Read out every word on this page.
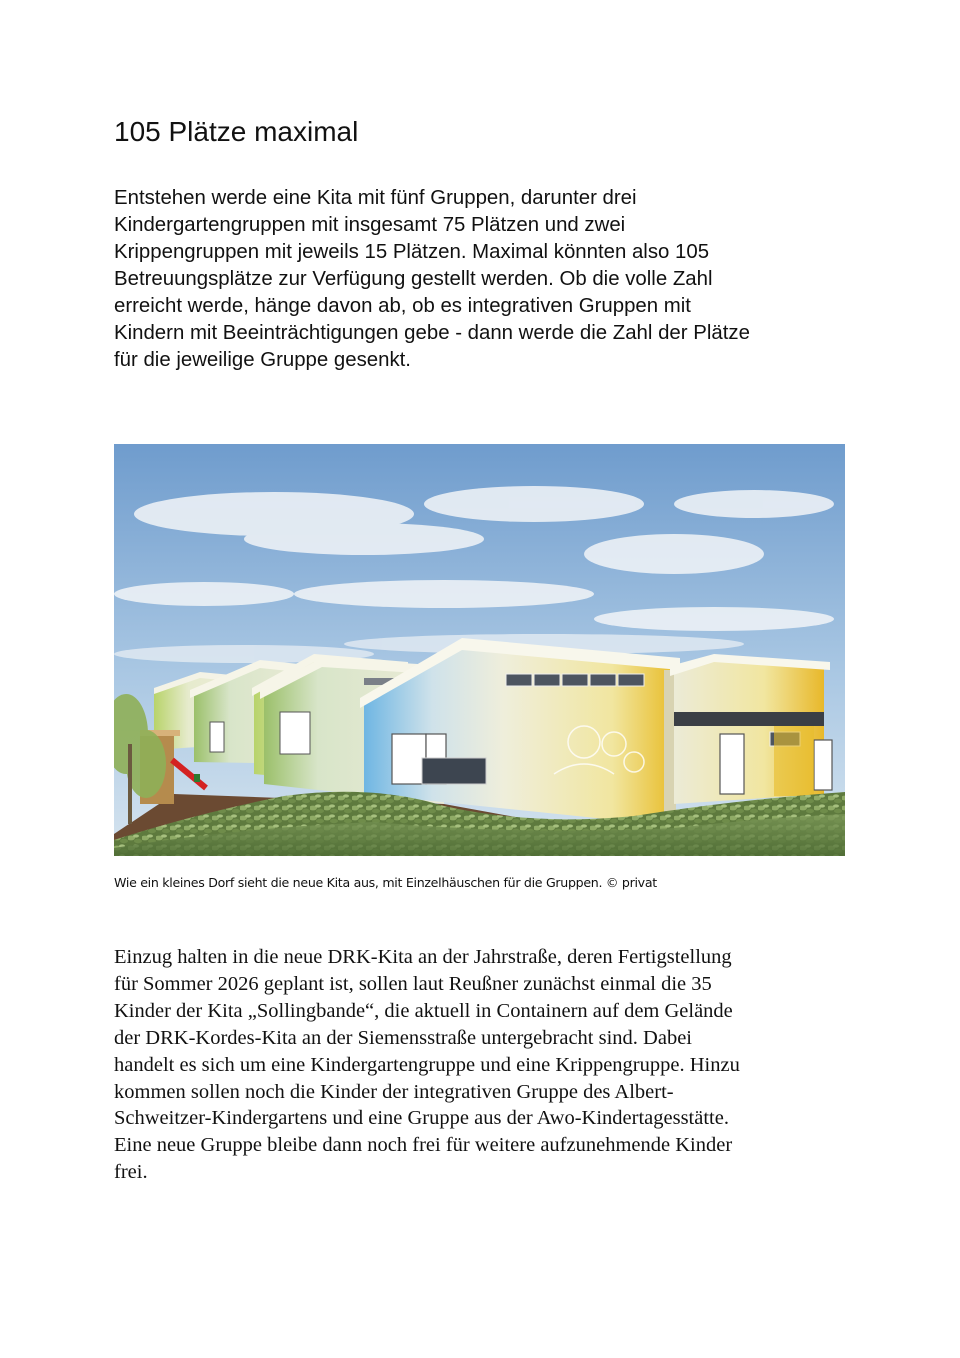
105 Plätze maximal
Entstehen werde eine Kita mit fünf Gruppen, darunter drei
Kindergartengruppen mit insgesamt 75 Plätzen und zwei
Krippengruppen mit jeweils 15 Plätzen. Maximal könnten also 105
Betreuungsplätze zur Verfügung gestellt werden. Ob die volle Zahl
erreicht werde, hänge davon ab, ob es integrativen Gruppen mit
Kindern mit Beeinträchtigungen gebe - dann werde die Zahl der Plätze
für die jeweilige Gruppe gesenkt.

Wie ein kleines Dorf sieht die neue Kita aus, mit Einzelhäuschen für die Gruppen. © privat

Einzug halten in die neue DRK-Kita an der Jahrstraße, deren Fertigstellung
für Sommer 2026 geplant ist, sollen laut Reußner zunächst einmal die 35
Kinder der Kita „Sollingbande“, die aktuell in Containern auf dem Gelände
der DRK-Kordes-Kita an der Siemensstraße untergebracht sind. Dabei
handelt es sich um eine Kindergartengruppe und eine Krippengruppe. Hinzu
kommen sollen noch die Kinder der integrativen Gruppe des Albert-
Schweitzer-Kindergartens und eine Gruppe aus der Awo-Kindertagesstätte.
Eine neue Gruppe bleibe dann noch frei für weitere aufzunehmende Kinder
frei.
